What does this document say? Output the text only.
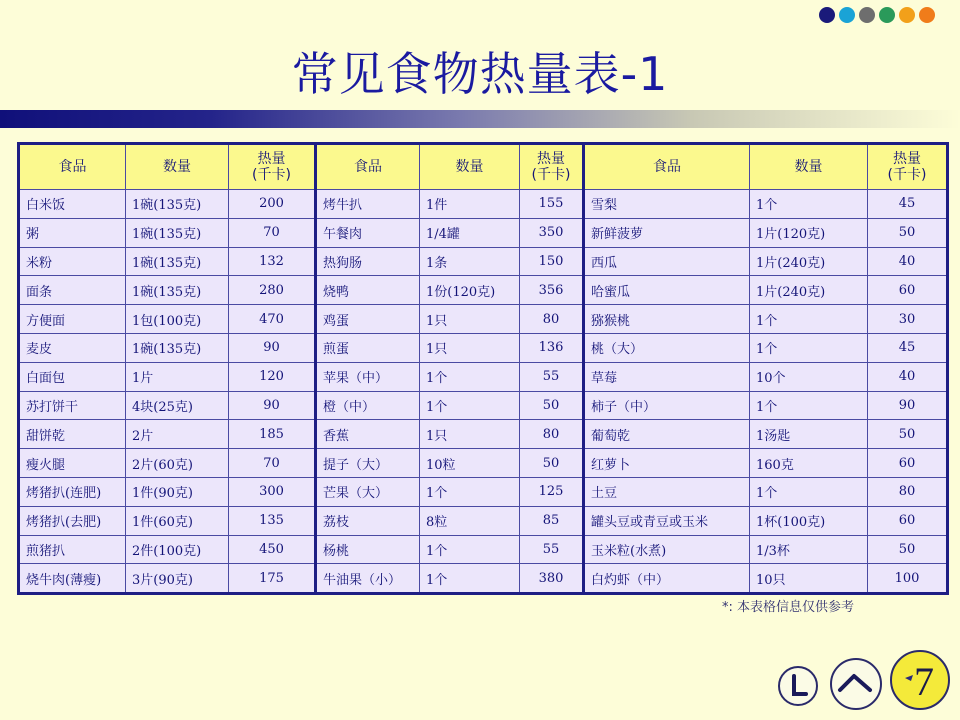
常见食物热量表-1
食品	数量	热量
(千卡)
白米饭	1碗(135克)	200
粥	1碗(135克)	70
米粉	1碗(135克)	132
面条	1碗(135克)	280
方便面	1包(100克)	470
麦皮	1碗(135克)	90
白面包	1片	120
苏打饼干	4块(25克)	90
甜饼乾	2片	185
瘦火腿	2片(60克)	70
烤猪扒(连肥)	1件(90克)	300
烤猪扒(去肥)	1件(60克)	135
煎猪扒	2件(100克)	450
烧牛肉(薄瘦)	3片(90克)	175
食品	数量	热量
(千卡)
烤牛扒	1件	155
午餐肉	1/4罐	350
热狗肠	1条	150
烧鸭	1份(120克)	356
鸡蛋	1只	80
煎蛋	1只	136
苹果（中）	1个	55
橙（中）	1个	50
香蕉	1只	80
提子（大）	10粒	50
芒果（大）	1个	125
荔枝	8粒	85
杨桃	1个	55
牛油果（小）	1个	380
食品	数量	热量
(千卡)
雪梨	1个	45
新鲜菠萝	1片(120克)	50
西瓜	1片(240克)	40
哈蜜瓜	1片(240克)	60
猕猴桃	1个	30
桃（大）	1个	45
草莓	10个	40
柿子（中）	1个	90
葡萄乾	1汤匙	50
红萝卜	160克	60
土豆	1个	80
罐头豆或青豆或玉米	1杯(100克)	60
玉米粒(水煮)	1/3杯	50
白灼虾（中）	10只	100
*: 本表格信息仅供参考
7
